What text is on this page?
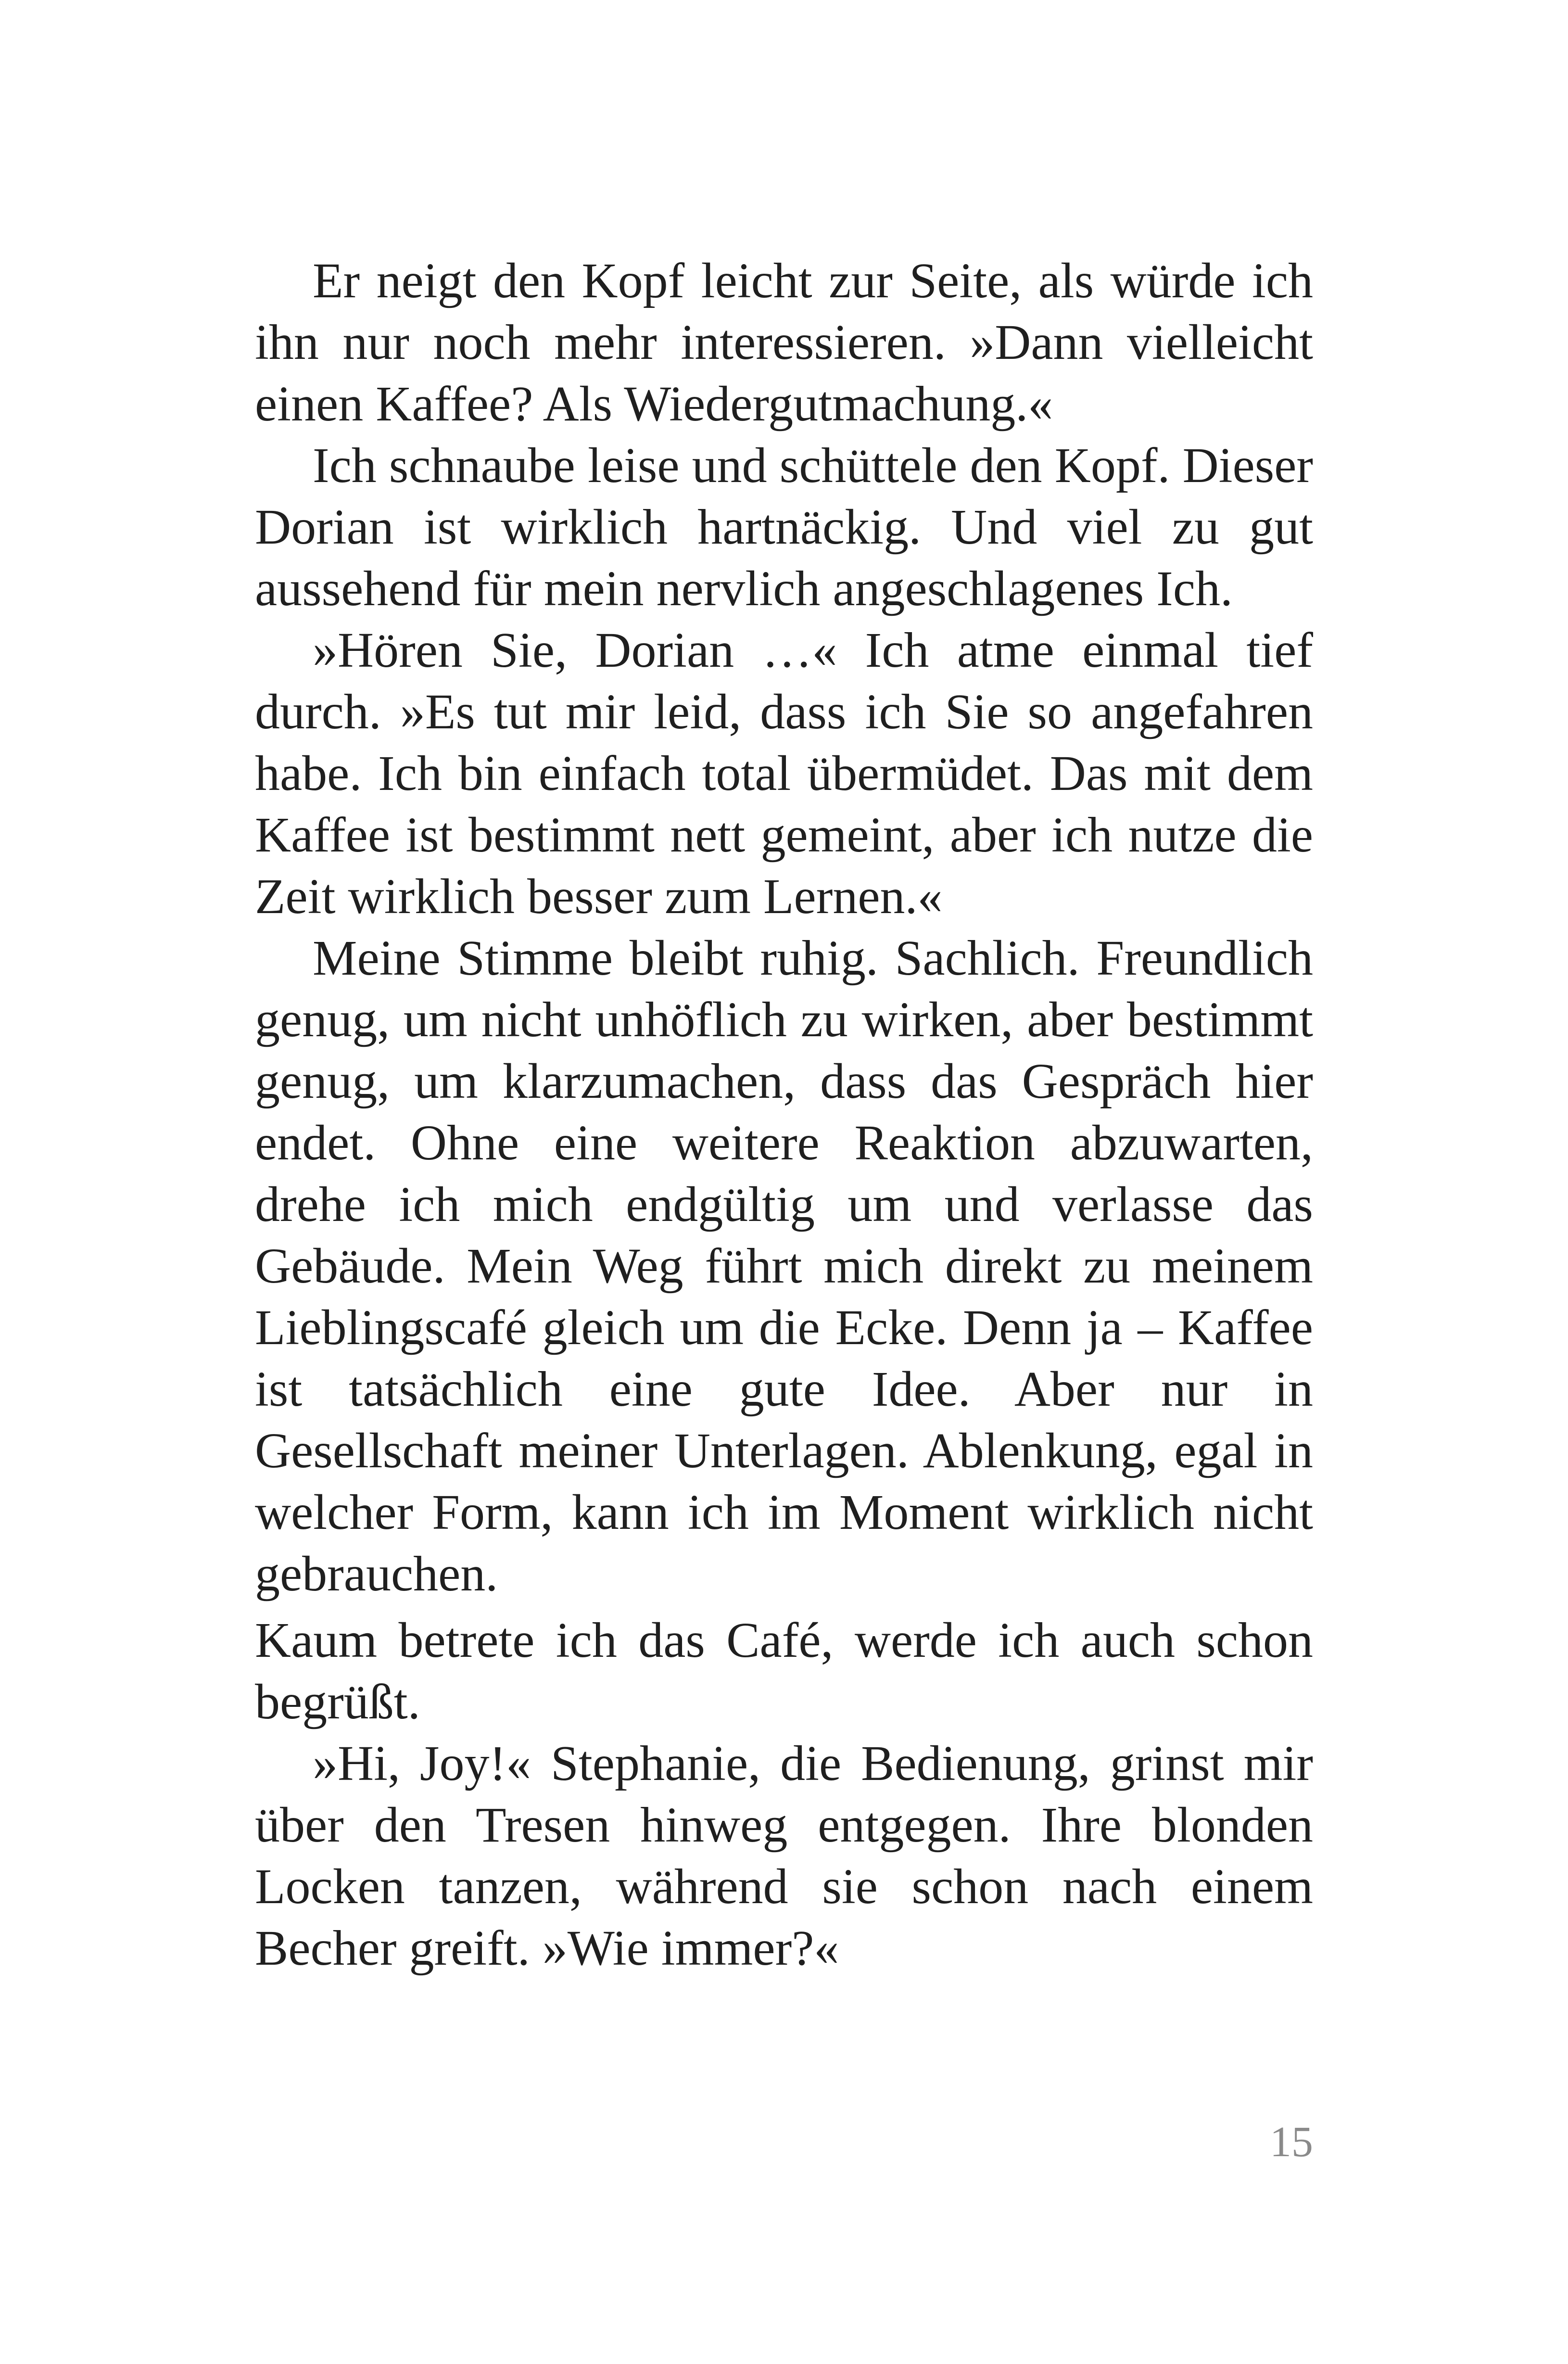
Er neigt den Kopf leicht zur Seite, als würde ich ihn nur noch mehr interessieren. »Dann vielleicht einen Kaffee? Als Wiedergutmachung.«

Ich schnaube leise und schüttele den Kopf. Dieser Dorian ist wirklich hartnäckig. Und viel zu gut aussehend für mein nervlich angeschlagenes Ich.

»Hören Sie, Dorian …« Ich atme einmal tief durch. »Es tut mir leid, dass ich Sie so angefahren habe. Ich bin einfach total übermüdet. Das mit dem Kaffee ist bestimmt nett gemeint, aber ich nutze die Zeit wirklich besser zum Lernen.«

Meine Stimme bleibt ruhig. Sachlich. Freundlich genug, um nicht unhöflich zu wirken, aber bestimmt genug, um klarzumachen, dass das Gespräch hier endet. Ohne eine weitere Reaktion abzuwarten, drehe ich mich endgültig um und verlasse das Gebäude. Mein Weg führt mich direkt zu meinem Lieblingscafé gleich um die Ecke. Denn ja – Kaffee ist tatsächlich eine gute Idee. Aber nur in Gesellschaft meiner Unterlagen. Ablenkung, egal in welcher Form, kann ich im Moment wirklich nicht gebrauchen.

Kaum betrete ich das Café, werde ich auch schon begrüßt.

»Hi, Joy!« Stephanie, die Bedienung, grinst mir über den Tresen hinweg entgegen. Ihre blonden Locken tanzen, während sie schon nach einem Becher greift. »Wie immer?«

15
